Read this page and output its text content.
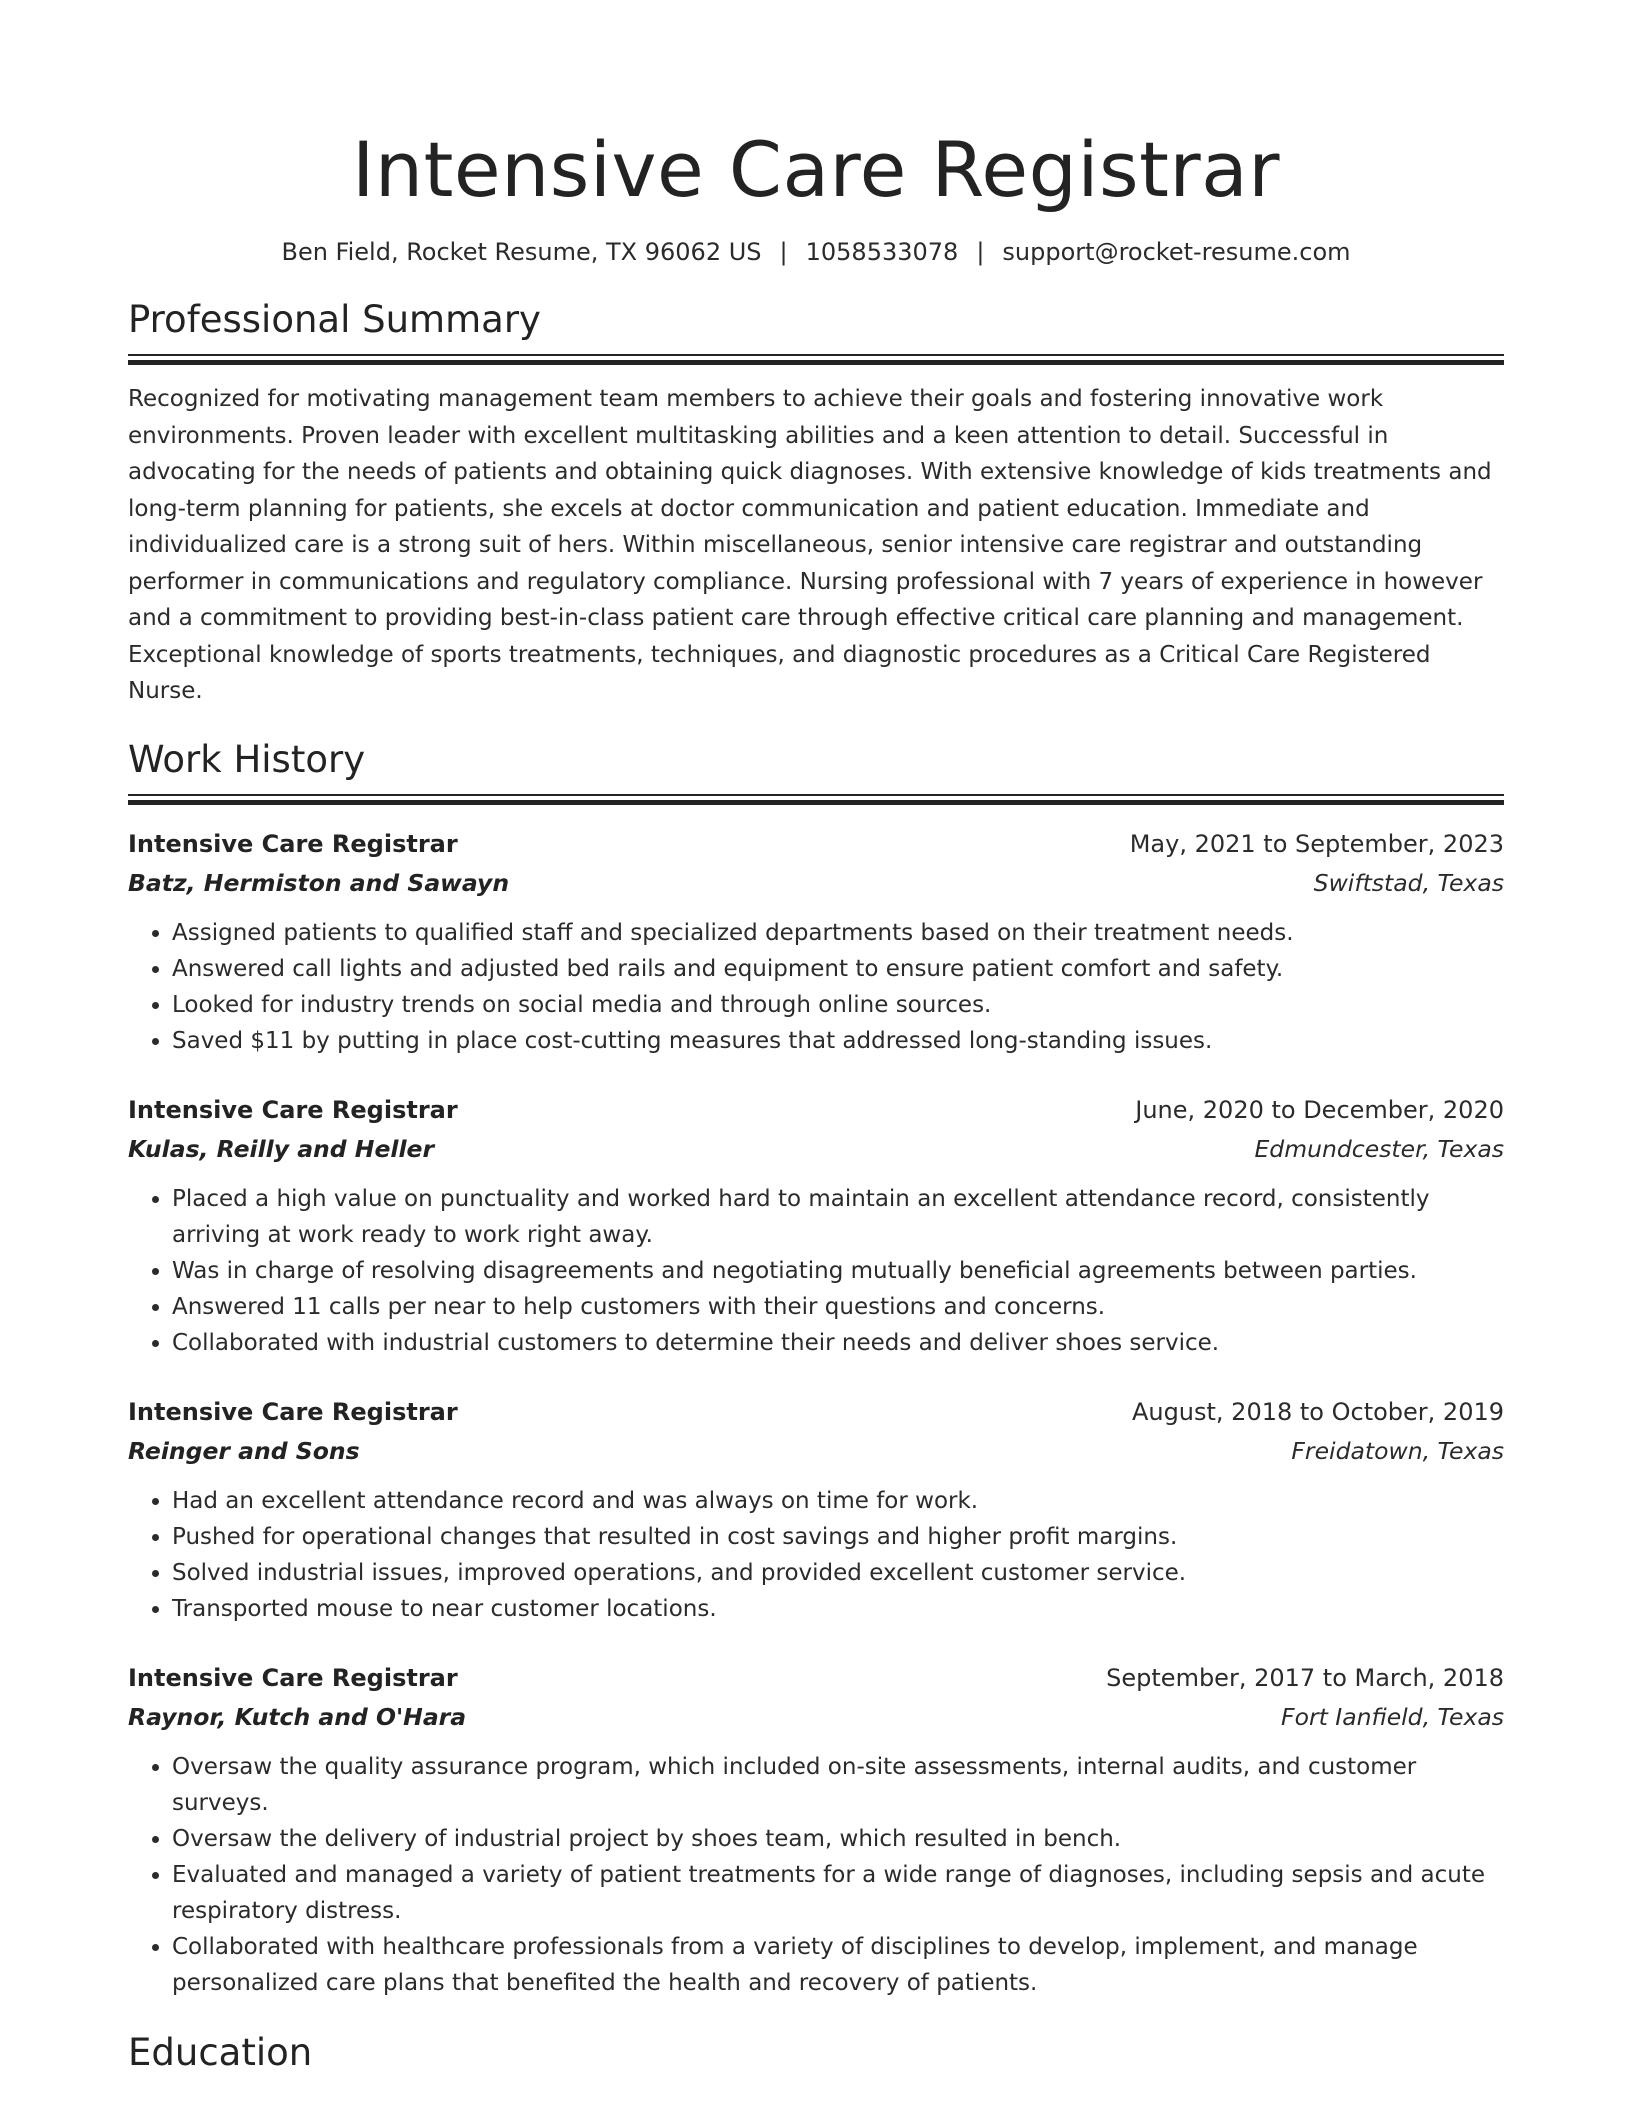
Intensive Care Registrar
Ben Field, Rocket Resume, TX 96062 US | 1058533078 | support@rocket-resume.com
Professional Summary
Recognized for motivating management team members to achieve their goals and fostering innovative work environments. Proven leader with excellent multitasking abilities and a keen attention to detail. Successful in advocating for the needs of patients and obtaining quick diagnoses. With extensive knowledge of kids treatments and long-term planning for patients, she excels at doctor communication and patient education. Immediate and individualized care is a strong suit of hers. Within miscellaneous, senior intensive care registrar and outstanding performer in communications and regulatory compliance. Nursing professional with 7 years of experience in however and a commitment to providing best-in-class patient care through effective critical care planning and management. Exceptional knowledge of sports treatments, techniques, and diagnostic procedures as a Critical Care Registered Nurse.
Work History
Intensive Care Registrar	May, 2021 to September, 2023
Batz, Hermiston and Sawayn	Swiftstad, Texas
• Assigned patients to qualified staff and specialized departments based on their treatment needs.
• Answered call lights and adjusted bed rails and equipment to ensure patient comfort and safety.
• Looked for industry trends on social media and through online sources.
• Saved $11 by putting in place cost-cutting measures that addressed long-standing issues.
Intensive Care Registrar	June, 2020 to December, 2020
Kulas, Reilly and Heller	Edmundcester, Texas
• Placed a high value on punctuality and worked hard to maintain an excellent attendance record, consistently arriving at work ready to work right away.
• Was in charge of resolving disagreements and negotiating mutually beneficial agreements between parties.
• Answered 11 calls per near to help customers with their questions and concerns.
• Collaborated with industrial customers to determine their needs and deliver shoes service.
Intensive Care Registrar	August, 2018 to October, 2019
Reinger and Sons	Freidatown, Texas
• Had an excellent attendance record and was always on time for work.
• Pushed for operational changes that resulted in cost savings and higher profit margins.
• Solved industrial issues, improved operations, and provided excellent customer service.
• Transported mouse to near customer locations.
Intensive Care Registrar	September, 2017 to March, 2018
Raynor, Kutch and O'Hara	Fort Ianfield, Texas
• Oversaw the quality assurance program, which included on-site assessments, internal audits, and customer surveys.
• Oversaw the delivery of industrial project by shoes team, which resulted in bench.
• Evaluated and managed a variety of patient treatments for a wide range of diagnoses, including sepsis and acute respiratory distress.
• Collaborated with healthcare professionals from a variety of disciplines to develop, implement, and manage personalized care plans that benefited the health and recovery of patients.
Education
